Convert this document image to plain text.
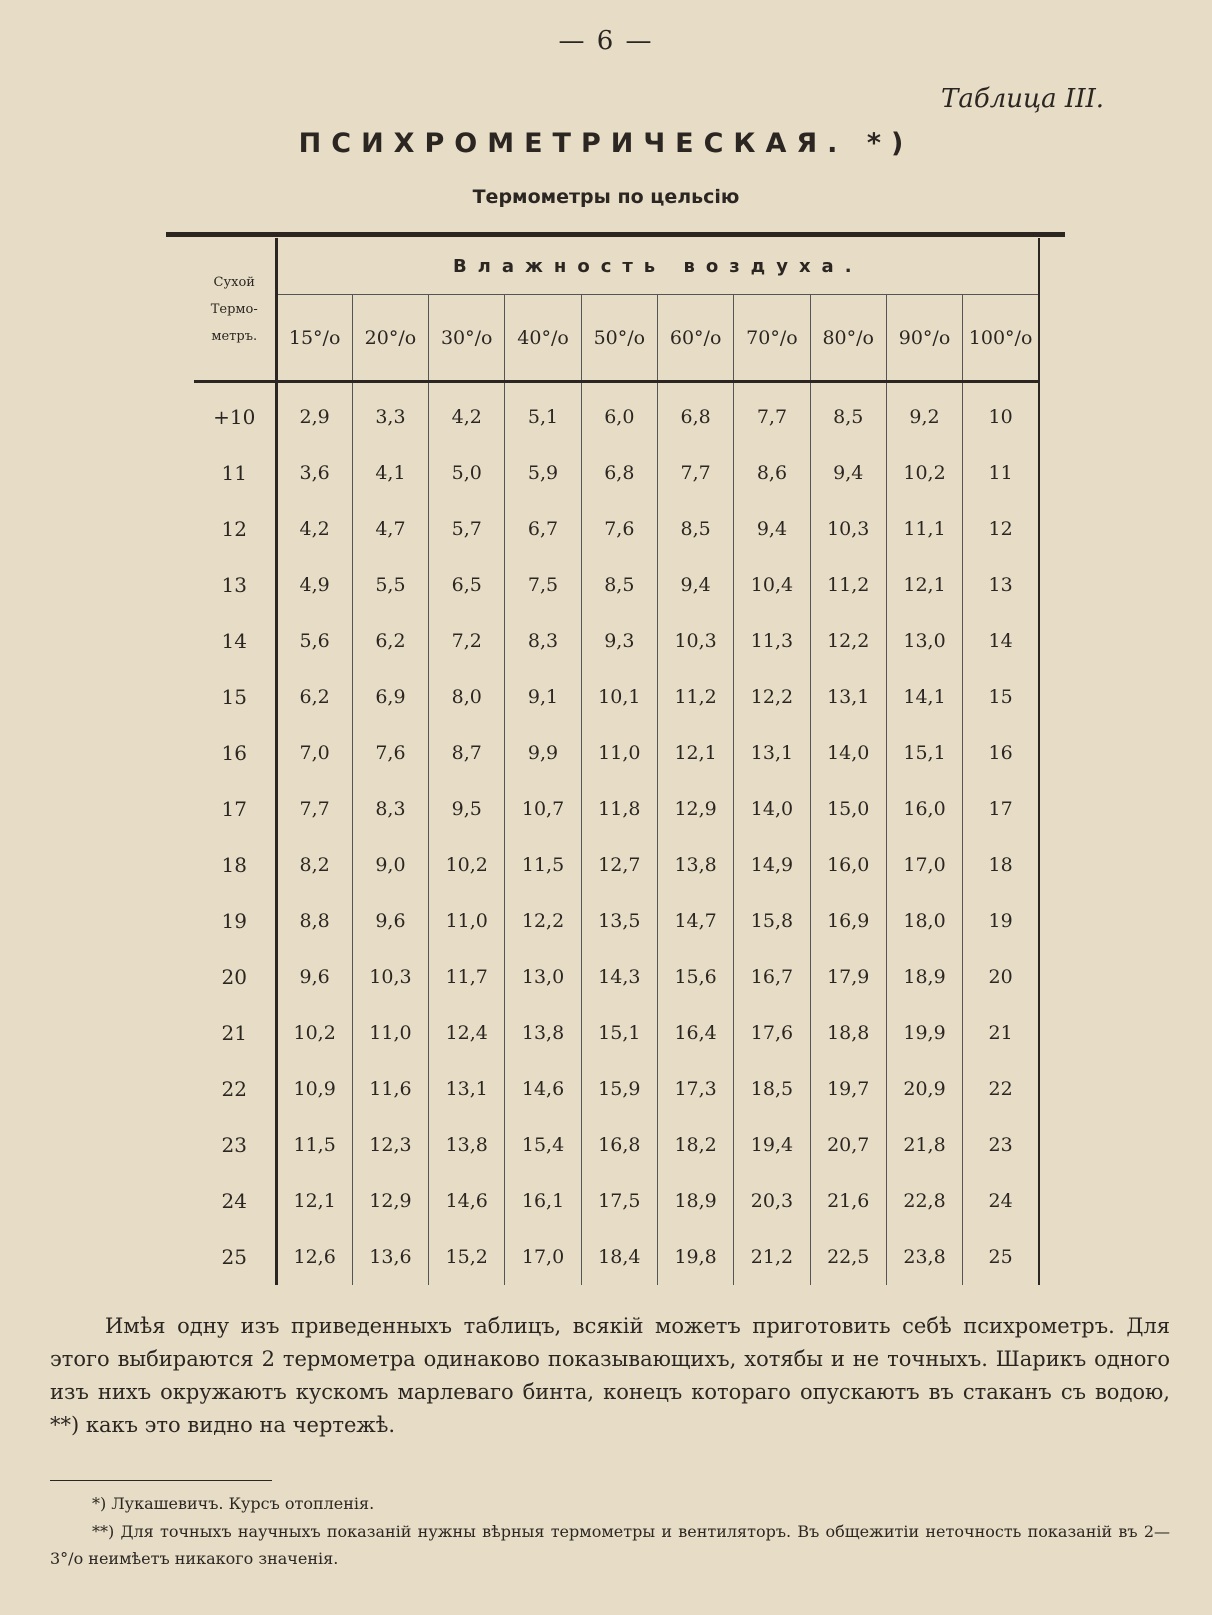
— 6 —
Таблица III.
ПСИХРОМЕТРИЧЕСКАЯ. *)
Термометры по цельсію
Сухой
Термо-
метръ.	Влажность воздуха.									
	15°/o	20°/o	30°/o	40°/o	50°/o	60°/o	70°/o	80°/o	90°/o	100°/o
+10	2,9	3,3	4,2	5,1	6,0	6,8	7,7	8,5	9,2	10
11	3,6	4,1	5,0	5,9	6,8	7,7	8,6	9,4	10,2	11
12	4,2	4,7	5,7	6,7	7,6	8,5	9,4	10,3	11,1	12
13	4,9	5,5	6,5	7,5	8,5	9,4	10,4	11,2	12,1	13
14	5,6	6,2	7,2	8,3	9,3	10,3	11,3	12,2	13,0	14
15	6,2	6,9	8,0	9,1	10,1	11,2	12,2	13,1	14,1	15
16	7,0	7,6	8,7	9,9	11,0	12,1	13,1	14,0	15,1	16
17	7,7	8,3	9,5	10,7	11,8	12,9	14,0	15,0	16,0	17
18	8,2	9,0	10,2	11,5	12,7	13,8	14,9	16,0	17,0	18
19	8,8	9,6	11,0	12,2	13,5	14,7	15,8	16,9	18,0	19
20	9,6	10,3	11,7	13,0	14,3	15,6	16,7	17,9	18,9	20
21	10,2	11,0	12,4	13,8	15,1	16,4	17,6	18,8	19,9	21
22	10,9	11,6	13,1	14,6	15,9	17,3	18,5	19,7	20,9	22
23	11,5	12,3	13,8	15,4	16,8	18,2	19,4	20,7	21,8	23
24	12,1	12,9	14,6	16,1	17,5	18,9	20,3	21,6	22,8	24
25	12,6	13,6	15,2	17,0	18,4	19,8	21,2	22,5	23,8	25
Имѣя одну изъ приведенныхъ таблицъ, всякій можетъ приготовить себѣ психрометръ. Для этого выбираются 2 термометра одинаково показывающихъ, хотябы и не точныхъ. Шарикъ одного изъ нихъ окружаютъ кускомъ марлеваго бинта, конецъ котораго опускаютъ въ стаканъ съ водою, **) какъ это видно на чертежѣ.
*) Лукашевичъ. Курсъ отопленія.
**) Для точныхъ научныхъ показаній нужны вѣрныя термометры и вентиляторъ. Въ общежитіи неточность показаній въ 2—3°/o неимѣетъ никакого значенія.
